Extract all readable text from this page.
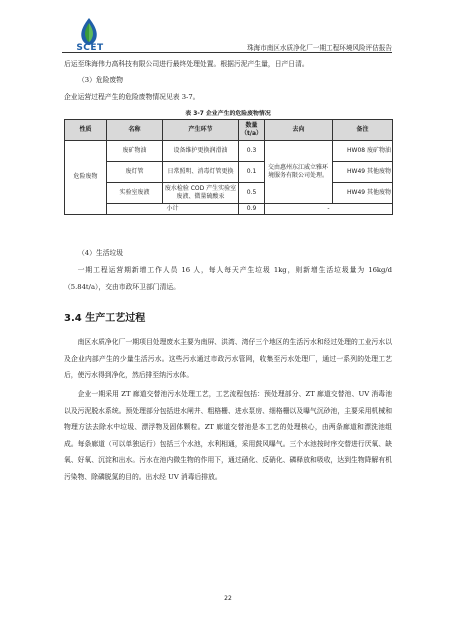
SCET	珠海市南区水质净化厂一期工程环境风险评估报告
后运至珠海伟力高科技有限公司进行最终处理处置。根据污泥产生量，日产日清。
（3）危险废物
企业运营过程产生的危险废物情况见表 3-7。
表 3-7 企业产生的危险废物情况
性质	名称	产生环节	数量（t/a）	去向	备注
危险废物	废矿物油	设备维护更换润滑油	0.3	交由惠州东江威立雅环境服务有限公司处理。	HW08 废矿物油
	废灯管	日常照明、消毒灯管更换	0.1		HW49 其他废物
	实验室废液	废水检验 COD 产生实验室废液、微量硫酸汞	0.5		HW49 其他废物
	小计		0.9	-	
（4）生活垃圾
一期工程运营期新增工作人员 16 人，每人每天产生垃圾 1kg，则新增生活垃圾量为 16kg/d（5.84t/a），交由市政环卫部门清运。
3.4 生产工艺过程
南区水质净化厂一期项目处理废水主要为南屏、洪湾、湾仔三个地区的生活污水和经过处理的工业污水以及企业内部产生的少量生活污水。这些污水通过市政污水管网，收集至污水处理厂，通过一系列的处理工艺后，使污水得到净化，然后排至纳污水体。
企业一期采用 ZT 廊道交替池污水处理工艺，工艺流程包括：预处理部分、ZT 廊道交替池、UV 消毒池以及污泥脱水系统。预处理部分包括进水闸井、粗格栅、进水泵房、细格栅以及曝气沉砂池，主要采用机械和物理方法去除水中垃圾、漂浮物及固体颗粒。ZT 廊道交替池是本工艺的处理核心，由两条廊道和漂洗池组成。每条廊道（可以单独运行）包括三个水池，水利相通，采用鼓风曝气。三个水池按时序交替进行厌氧、缺氧、好氧、沉淀和出水。污水在池内微生物的作用下，通过硝化、反硝化、磷释放和吸收，达到生物降解有机污染物、除磷脱氮的目的。出水经 UV 消毒后排放。
22
